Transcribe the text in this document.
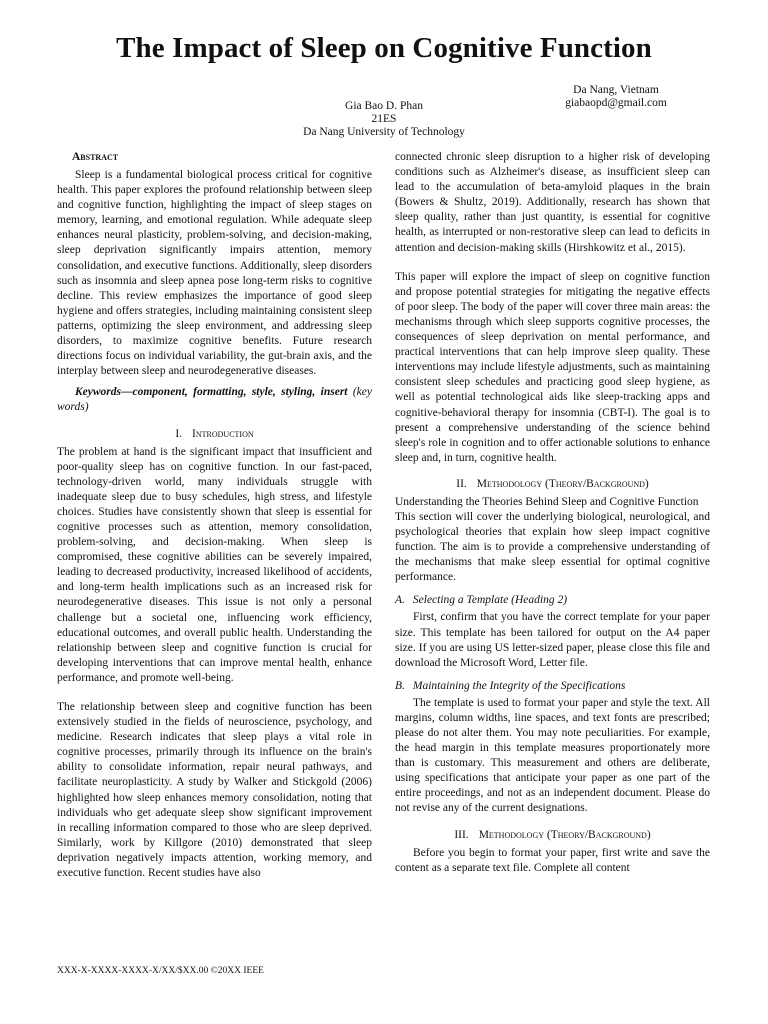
The Impact of Sleep on Cognitive Function
Da Nang, Vietnam
giabaopd@gmail.com
Gia Bao D. Phan
21ES
Da Nang University of Technology
Abstract

Sleep is a fundamental biological process critical for cognitive health. This paper explores the profound relationship between sleep and cognitive function, highlighting the impact of sleep stages on memory, learning, and emotional regulation. While adequate sleep enhances neural plasticity, problem-solving, and decision-making, sleep deprivation significantly impairs attention, memory consolidation, and executive functions. Additionally, sleep disorders such as insomnia and sleep apnea pose long-term risks to cognitive decline. This review emphasizes the importance of good sleep hygiene and offers strategies, including maintaining consistent sleep patterns, optimizing the sleep environment, and addressing sleep disorders, to maximize cognitive benefits. Future research directions focus on individual variability, the gut-brain axis, and the interplay between sleep and neurodegenerative diseases.

Keywords—component, formatting, style, styling, insert (key words)

I. Introduction

The problem at hand is the significant impact that insufficient and poor-quality sleep has on cognitive function. In our fast-paced, technology-driven world, many individuals struggle with inadequate sleep due to busy schedules, high stress, and lifestyle choices. Studies have consistently shown that sleep is essential for cognitive processes such as attention, memory consolidation, problem-solving, and decision-making. When sleep is compromised, these cognitive abilities can be severely impaired, leading to decreased productivity, increased likelihood of accidents, and long-term health implications such as an increased risk for neurodegenerative diseases. This issue is not only a personal challenge but a societal one, influencing work efficiency, educational outcomes, and overall public health. Understanding the relationship between sleep and cognitive function is crucial for developing interventions that can improve mental health, enhance performance, and promote well-being.

The relationship between sleep and cognitive function has been extensively studied in the fields of neuroscience, psychology, and medicine. Research indicates that sleep plays a vital role in cognitive processes, primarily through its influence on the brain's ability to consolidate information, repair neural pathways, and facilitate neuroplasticity. A study by Walker and Stickgold (2006) highlighted how sleep enhances memory consolidation, noting that individuals who get adequate sleep show significant improvement in recalling information compared to those who are sleep deprived. Similarly, work by Killgore (2010) demonstrated that sleep deprivation negatively impacts attention, working memory, and executive function. Recent studies have also

connected chronic sleep disruption to a higher risk of developing conditions such as Alzheimer's disease, as insufficient sleep can lead to the accumulation of beta-amyloid plaques in the brain (Bowers & Shultz, 2019). Additionally, research has shown that sleep quality, rather than just quantity, is essential for cognitive health, as interrupted or non-restorative sleep can lead to deficits in attention and decision-making skills (Hirshkowitz et al., 2015).

This paper will explore the impact of sleep on cognitive function and propose potential strategies for mitigating the negative effects of poor sleep. The body of the paper will cover three main areas: the mechanisms through which sleep supports cognitive processes, the consequences of sleep deprivation on mental performance, and practical interventions that can help improve sleep quality. These interventions may include lifestyle adjustments, such as maintaining consistent sleep schedules and practicing good sleep hygiene, as well as potential technological aids like sleep-tracking apps and cognitive-behavioral therapy for insomnia (CBT-I). The goal is to present a comprehensive understanding of the science behind sleep's role in cognition and to offer actionable solutions to enhance sleep and, in turn, cognitive health.

II. Methodology (Theory/Background)

Understanding the Theories Behind Sleep and Cognitive Function

This section will cover the underlying biological, neurological, and psychological theories that explain how sleep impact cognitive function. The aim is to provide a comprehensive understanding of the mechanisms that make sleep essential for optimal cognitive performance.

A. Selecting a Template (Heading 2)

First, confirm that you have the correct template for your paper size. This template has been tailored for output on the A4 paper size. If you are using US letter-sized paper, please close this file and download the Microsoft Word, Letter file.

B. Maintaining the Integrity of the Specifications

The template is used to format your paper and style the text. All margins, column widths, line spaces, and text fonts are prescribed; please do not alter them. You may note peculiarities. For example, the head margin in this template measures proportionately more than is customary. This measurement and others are deliberate, using specifications that anticipate your paper as one part of the entire proceedings, and not as an independent document. Please do not revise any of the current designations.

III. Methodology (Theory/Background)

Before you begin to format your paper, first write and save the content as a separate text file. Complete all content

XXX-X-XXXX-XXXX-X/XX/$XX.00 ©20XX IEEE
